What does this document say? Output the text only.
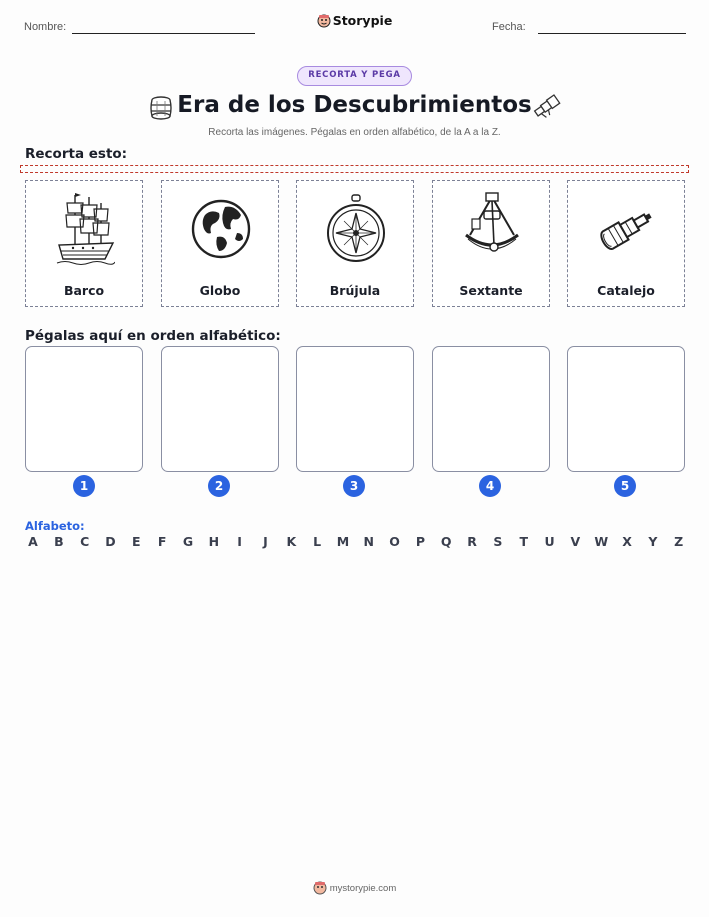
Nombre:	Storypie	Fecha:
RECORTA Y PEGA
Era de los Descubrimientos
Recorta las imágenes. Pégalas en orden alfabético, de la A a la Z.
Recorta esto:
Barco	Globo	Brújula	Sextante	Catalejo
Pégalas aquí en orden alfabético:
1	2	3	4	5
Alfabeto:
A B C D E F G H	I	J	K L M N O P Q R S T U V W X Y Z
mystorypie.com
